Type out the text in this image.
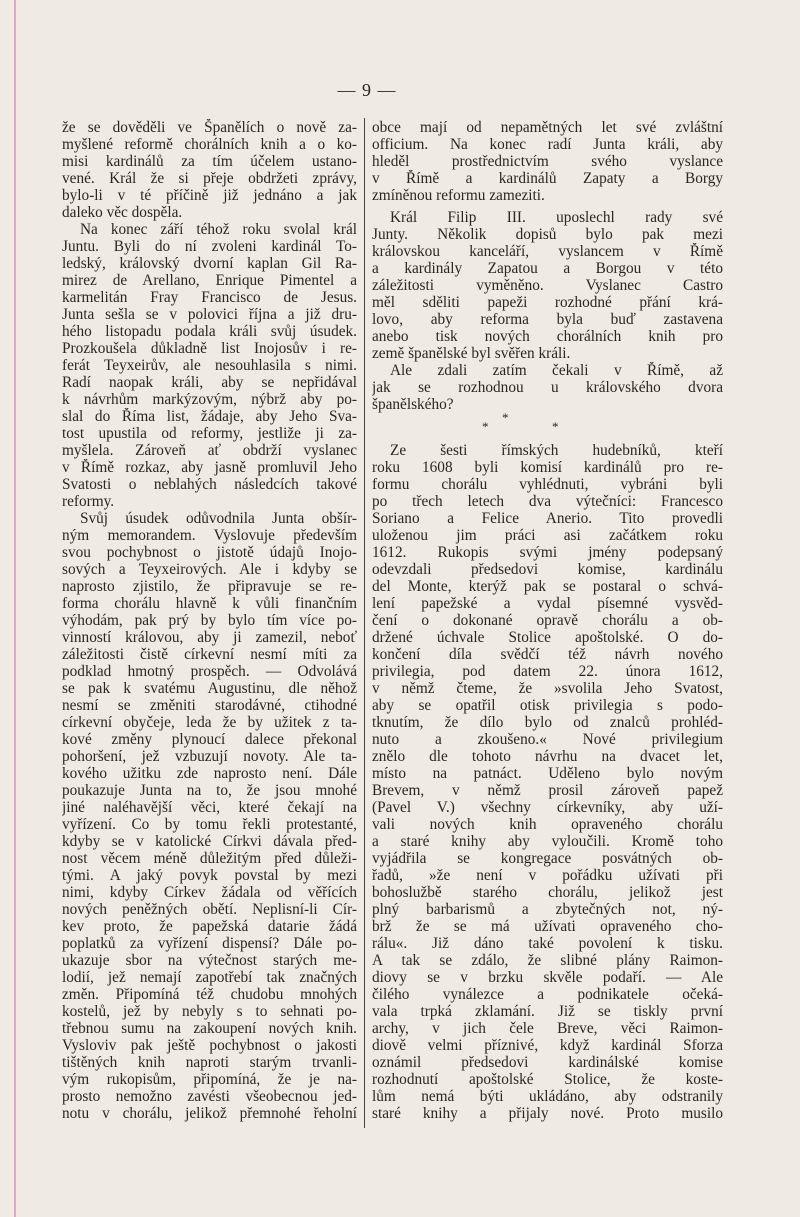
— 9 —
že se dověděli ve Španělích o nově za-
myšlené reformě chorálních knih a o ko-
misi kardinálů za tím účelem ustano-
vené. Král že si přeje obdržeti zprávy,
bylo-li v té příčině již jednáno a jak
daleko věc dospěla.
Na konec září téhož roku svolal král
Juntu. Byli do ní zvoleni kardinál To-
ledský, královský dvorní kaplan Gil Ra-
mirez de Arellano, Enrique Pimentel a
karmelitán Fray Francisco de Jesus.
Junta sešla se v polovici října a již dru-
hého listopadu podala králi svůj úsudek.
Prozkoušela důkladně list Inojosův i re-
ferát Teyxeirův, ale nesouhlasila s nimi.
Radí naopak králi, aby se nepřidával
k návrhům markýzovým, nýbrž aby po-
slal do Říma list, žádaje, aby Jeho Sva-
tost upustila od reformy, jestliže ji za-
myšlela. Zároveň ať obdrží vyslanec
v Římě rozkaz, aby jasně promluvil Jeho
Svatosti o neblahých následcích takové
reformy.
Svůj úsudek odůvodnila Junta obšír-
ným memorandem. Vyslovuje především
svou pochybnost o jistotě údajů Inojo-
sových a Teyxeirových. Ale i kdyby se
naprosto zjistilo, že připravuje se re-
forma chorálu hlavně k vůli finančním
výhodám, pak prý by bylo tím více po-
vinností královou, aby ji zamezil, neboť
záležitosti čistě církevní nesmí míti za
podklad hmotný prospěch. — Odvolává
se pak k svatému Augustinu, dle něhož
nesmí se změniti starodávné, ctihodné
církevní obyčeje, leda že by užitek z ta-
kové změny plynoucí dalece překonal
pohoršení, jež vzbuzují novoty. Ale ta-
kového užitku zde naprosto není. Dále
poukazuje Junta na to, že jsou mnohé
jiné naléhavější věci, které čekají na
vyřízení. Co by tomu řekli protestanté,
kdyby se v katolické Církvi dávala před-
nost věcem méně důležitým před důleži-
tými. A jaký povyk povstal by mezi
nimi, kdyby Církev žádala od věřících
nových peněžných obětí. Neplisní-li Cír-
kev proto, že papežská datarie žádá
poplatků za vyřízení dispensí? Dále po-
ukazuje sbor na výtečnost starých me-
lodií, jež nemají zapotřebí tak značných
změn. Připomíná též chudobu mnohých
kostelů, jež by nebyly s to sehnati po-
třebnou sumu na zakoupení nových knih.
Vysloviv pak ještě pochybnost o jakosti
tištěných knih naproti starým trvanli-
vým rukopisům, připomíná, že je na-
prosto nemožno zavésti všeobecnou jed-
notu v chorálu, jelikož přemnohé řeholní
obce mají od nepamětných let své zvláštní
officium. Na konec radí Junta králi, aby
hleděl prostřednictvím svého vyslance
v Římě a kardinálů Zapaty a Borgy
zmíněnou reformu zameziti.
Král Filip III. uposlechl rady své
Junty. Několik dopisů bylo pak mezi
královskou kanceláří, vyslancem v Římě
a kardinály Zapatou a Borgou v této
záležitosti vyměněno. Vyslanec Castro
měl sděliti papeži rozhodné přání krá-
lovo, aby reforma byla buď zastavena
anebo tisk nových chorálních knih pro
země španělské byl svěřen králi.
Ale zdali zatím čekali v Římě, až
jak se rozhodnou u královského dvora
španělského?
*
*	*
Ze šesti římských hudebníků, kteří
roku 1608 byli komisí kardinálů pro re-
formu chorálu vyhlédnuti, vybráni byli
po třech letech dva výtečníci: Francesco
Soriano a Felice Anerio. Tito provedli
uloženou jim práci asi začátkem roku
1612. Rukopis svými jmény podepsaný
odevzdali předsedovi komise, kardinálu
del Monte, kterýž pak se postaral o schvá-
lení papežské a vydal písemné vysvěd-
čení o dokonané opravě chorálu a ob-
držené úchvale Stolice apoštolské. O do-
končení díla svědčí též návrh nového
privilegia, pod datem 22. února 1612,
v němž čteme, že »svolila Jeho Svatost,
aby se opatřil otisk privilegia s podo-
tknutím, že dílo bylo od znalců prohléd-
nuto a zkoušeno.« Nové privilegium
znělo dle tohoto návrhu na dvacet let,
místo na patnáct. Uděleno bylo novým
Brevem, v němž prosil zároveň papež
(Pavel V.) všechny církevníky, aby uží-
vali nových knih opraveného chorálu
a staré knihy aby vyloučili. Kromě toho
vyjádřila se kongregace posvátných ob-
řadů, »že není v pořádku užívati při
bohoslužbě starého chorálu, jelikož jest
plný barbarismů a zbytečných not, ný-
brž že se má užívati opraveného cho-
rálu«. Již dáno také povolení k tisku.
A tak se zdálo, že slibné plány Raimon-
diovy se v brzku skvěle podaří. — Ale
čilého vynálezce a podnikatele očeká-
vala trpká zklamání. Již se tiskly první
archy, v jich čele Breve, věci Raimon-
diově velmi příznivé, když kardinál Sforza
oznámil předsedovi kardinálské komise
rozhodnutí apoštolské Stolice, že koste-
lům nemá býti ukládáno, aby odstranily
staré knihy a přijaly nové. Proto musilo
